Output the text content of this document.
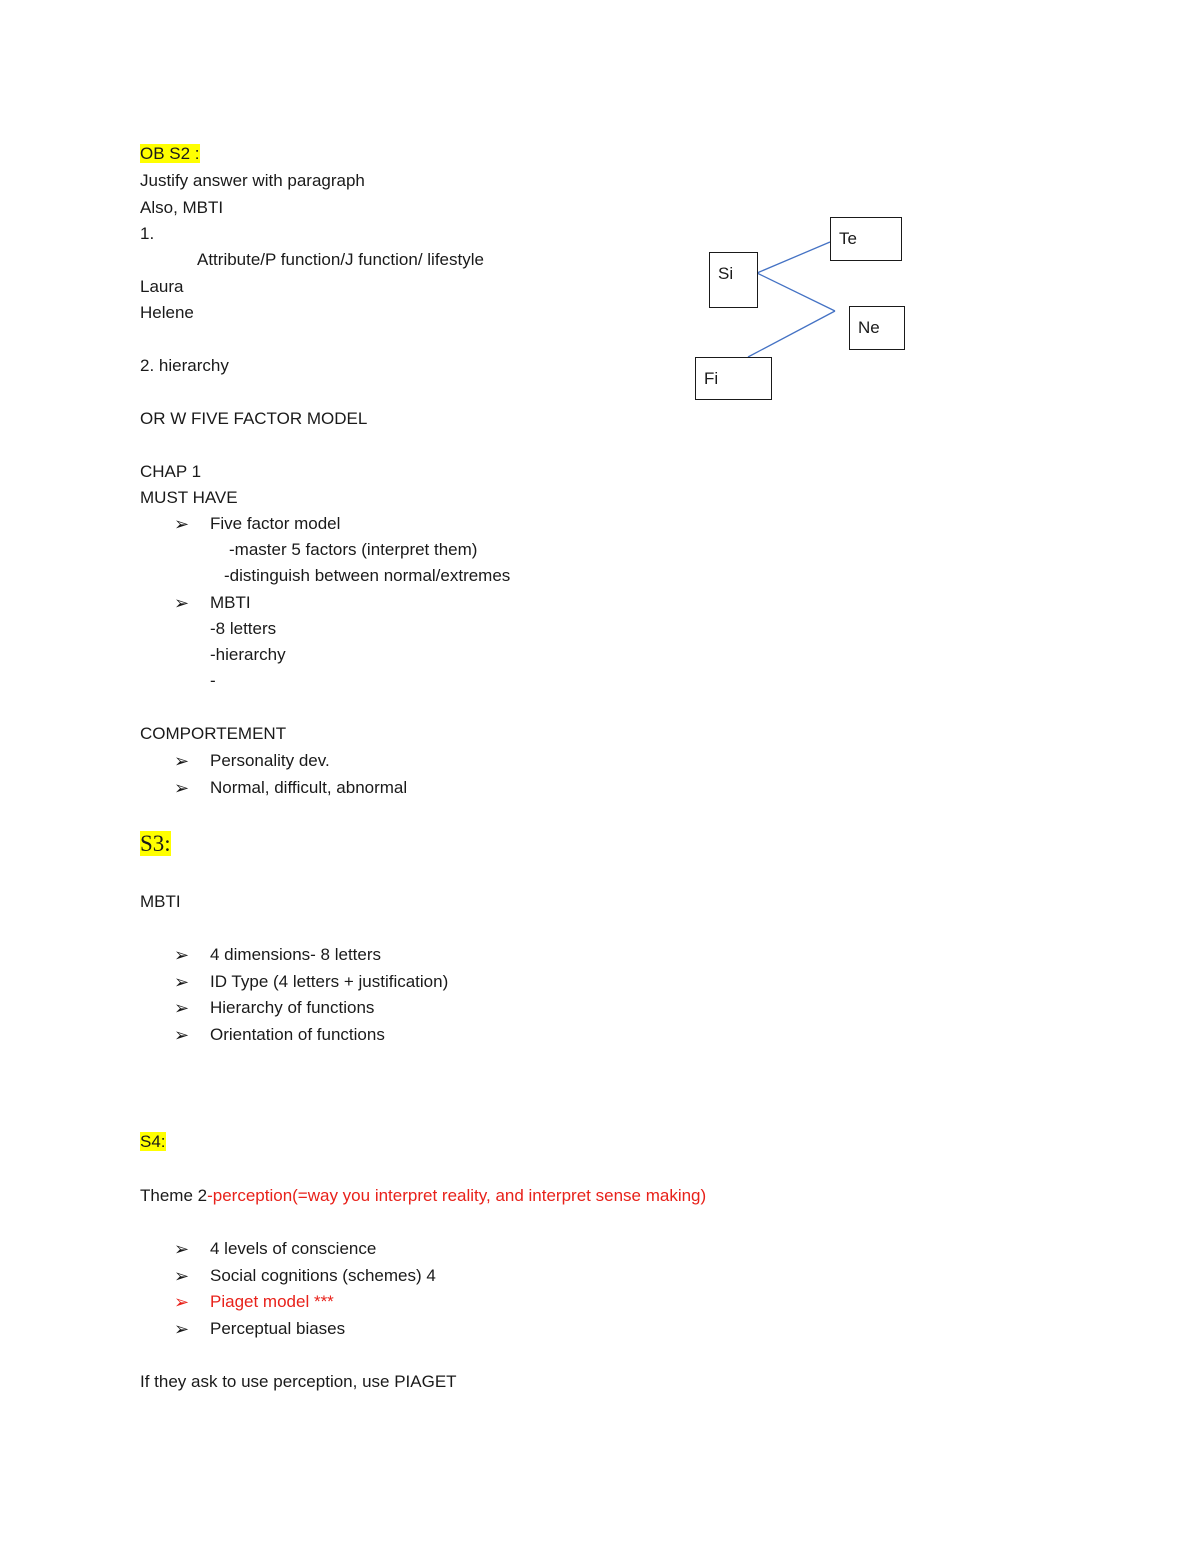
OB S2 :
Justify answer with paragraph
Also, MBTI
1.
Attribute/P function/J function/ lifestyle
Laura
Helene
2. hierarchy
OR W FIVE FACTOR MODEL
CHAP 1
MUST HAVE
➢ Five factor model
-master 5 factors (interpret them)
-distinguish between normal/extremes
➢ MBTI
-8 letters
-hierarchy
-
COMPORTEMENT
➢ Personality dev.
➢ Normal, difficult, abnormal
Te
Si
Ne
Fi
S3:
MBTI
➢ 4 dimensions- 8 letters
➢ ID Type (4 letters + justification)
➢ Hierarchy of functions
➢ Orientation of functions
S4:
Theme 2-perception(=way you interpret reality, and interpret sense making)
➢ 4 levels of conscience
➢ Social cognitions (schemes) 4
➢ Piaget model ***
➢ Perceptual biases
If they ask to use perception, use PIAGET
